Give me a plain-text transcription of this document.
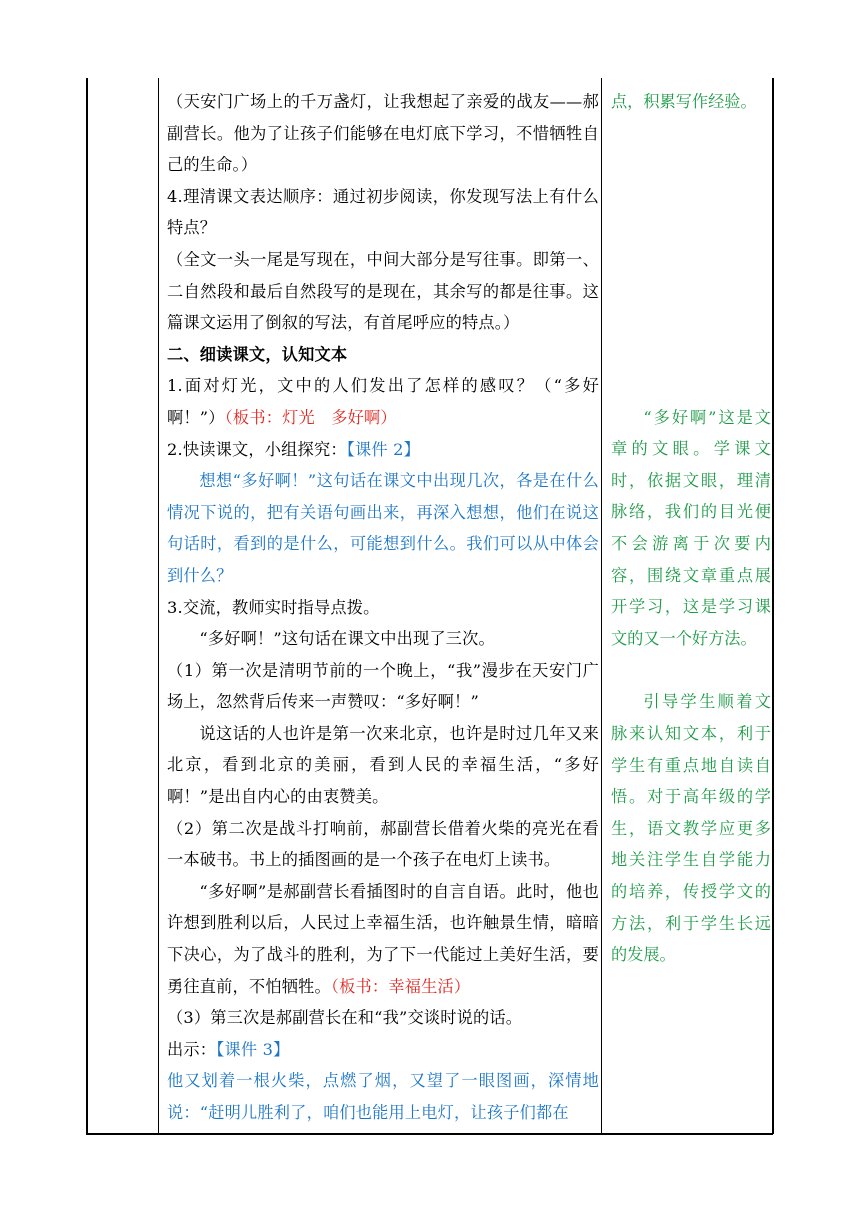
（天安门广场上的千万盏灯，让我想起了亲爱的战友——郝副营长。他为了让孩子们能够在电灯底下学习，不惜牺牲自己的生命。）

4.理清课文表达顺序：通过初步阅读，你发现写法上有什么特点？

（全文一头一尾是写现在，中间大部分是写往事。即第一、二自然段和最后自然段写的是现在，其余写的都是往事。这篇课文运用了倒叙的写法，有首尾呼应的特点。）

二、细读课文，认知文本

1.面对灯光，文中的人们发出了怎样的感叹？（“多好啊！”）（板书：灯光　多好啊）

2.快读课文，小组探究：【课件 2】

想想“多好啊！”这句话在课文中出现几次，各是在什么情况下说的，把有关语句画出来，再深入想想，他们在说这句话时，看到的是什么，可能想到什么。我们可以从中体会到什么？

3.交流，教师实时指导点拨。

“多好啊！”这句话在课文中出现了三次。

（1）第一次是清明节前的一个晚上，“我”漫步在天安门广场上，忽然背后传来一声赞叹：“多好啊！”

说这话的人也许是第一次来北京，也许是时过几年又来北京，看到北京的美丽，看到人民的幸福生活，“多好啊！”是出自内心的由衷赞美。

（2）第二次是战斗打响前，郝副营长借着火柴的亮光在看一本破书。书上的插图画的是一个孩子在电灯上读书。

“多好啊”是郝副营长看插图时的自言自语。此时，他也许想到胜利以后，人民过上幸福生活，也许触景生情，暗暗下决心，为了战斗的胜利，为了下一代能过上美好生活，要勇往直前，不怕牺牲。（板书：幸福生活）

（3）第三次是郝副营长在和“我”交谈时说的话。

出示：【课件 3】

他又划着一根火柴，点燃了烟，又望了一眼图画，深情地说：“赶明儿胜利了，咱们也能用上电灯，让孩子们都在

点，积累写作经验。

“多好啊”这是文章的文眼。学课文时，依据文眼，理清脉络，我们的目光便不会游离于次要内容，围绕文章重点展开学习，这是学习课文的又一个好方法。

引导学生顺着文脉来认知文本，利于学生有重点地自读自悟。对于高年级的学生，语文教学应更多地关注学生自学能力的培养，传授学文的方法，利于学生长远的发展。
